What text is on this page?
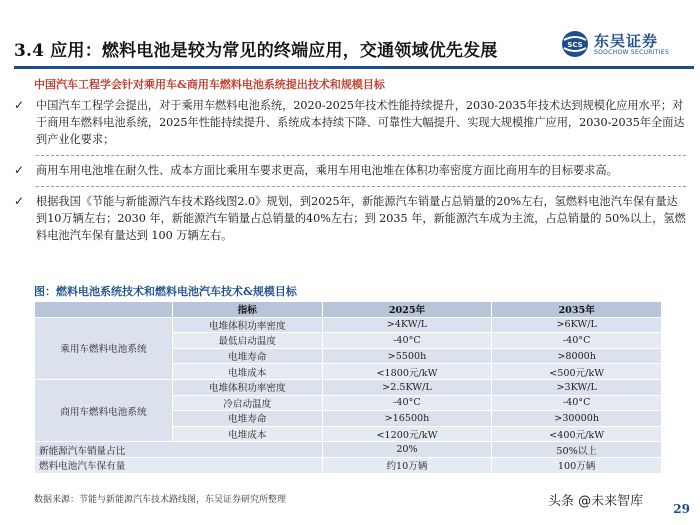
3.4 应用：燃料电池是较为常见的终端应用，交通领域优先发展	SCS 东吴证券
SOOCHOW SECURITIES
中国汽车工程学会针对乘用车&商用车燃料电池系统提出技术和规模目标
✓ 中国汽车工程学会提出，对于乘用车燃料电池系统，2020-2025年技术性能持续提升，2030-2035年技术达到规模化应用水平；对于商用车燃料电池系统，2025年性能持续提升、系统成本持续下降、可靠性大幅提升、实现大规模推广应用，2030-2035年全面达到产业化要求；
✓ 商用车用电池堆在耐久性、成本方面比乘用车要求更高，乘用车用电池堆在体积功率密度方面比商用车的目标要求高。
✓ 根据我国《节能与新能源汽车技术路线图2.0》规划，到2025年，新能源汽车销量占总销量的20%左右，氢燃料电池汽车保有量达到10万辆左右；2030 年，新能源汽车销量占总销量的40%左右；到 2035 年，新能源汽车成为主流，占总销量的 50%以上，氢燃料电池汽车保有量达到 100 万辆左右。
图：燃料电池系统技术和燃料电池汽车技术&规模目标
	指标	2025年	2035年
乘用车燃料电池系统	电堆体积功率密度	>4KW/L	>6KW/L
	最低启动温度	-40°C	-40°C
	电堆寿命	>5500h	>8000h
	电堆成本	<1800元/kW	<500元/kW
商用车燃料电池系统	电堆体积功率密度	>2.5KW/L	>3KW/L
	冷启动温度	-40°C	-40°C
	电堆寿命	>16500h	>30000h
	电堆成本	<1200元/kW	<400元/kW
新能源汽车销量占比		20%	50%以上
燃料电池汽车保有量		约10万辆	100万辆
数据来源：节能与新能源汽车技术路线图，东吴证券研究所整理	头条 @未来智库	29
